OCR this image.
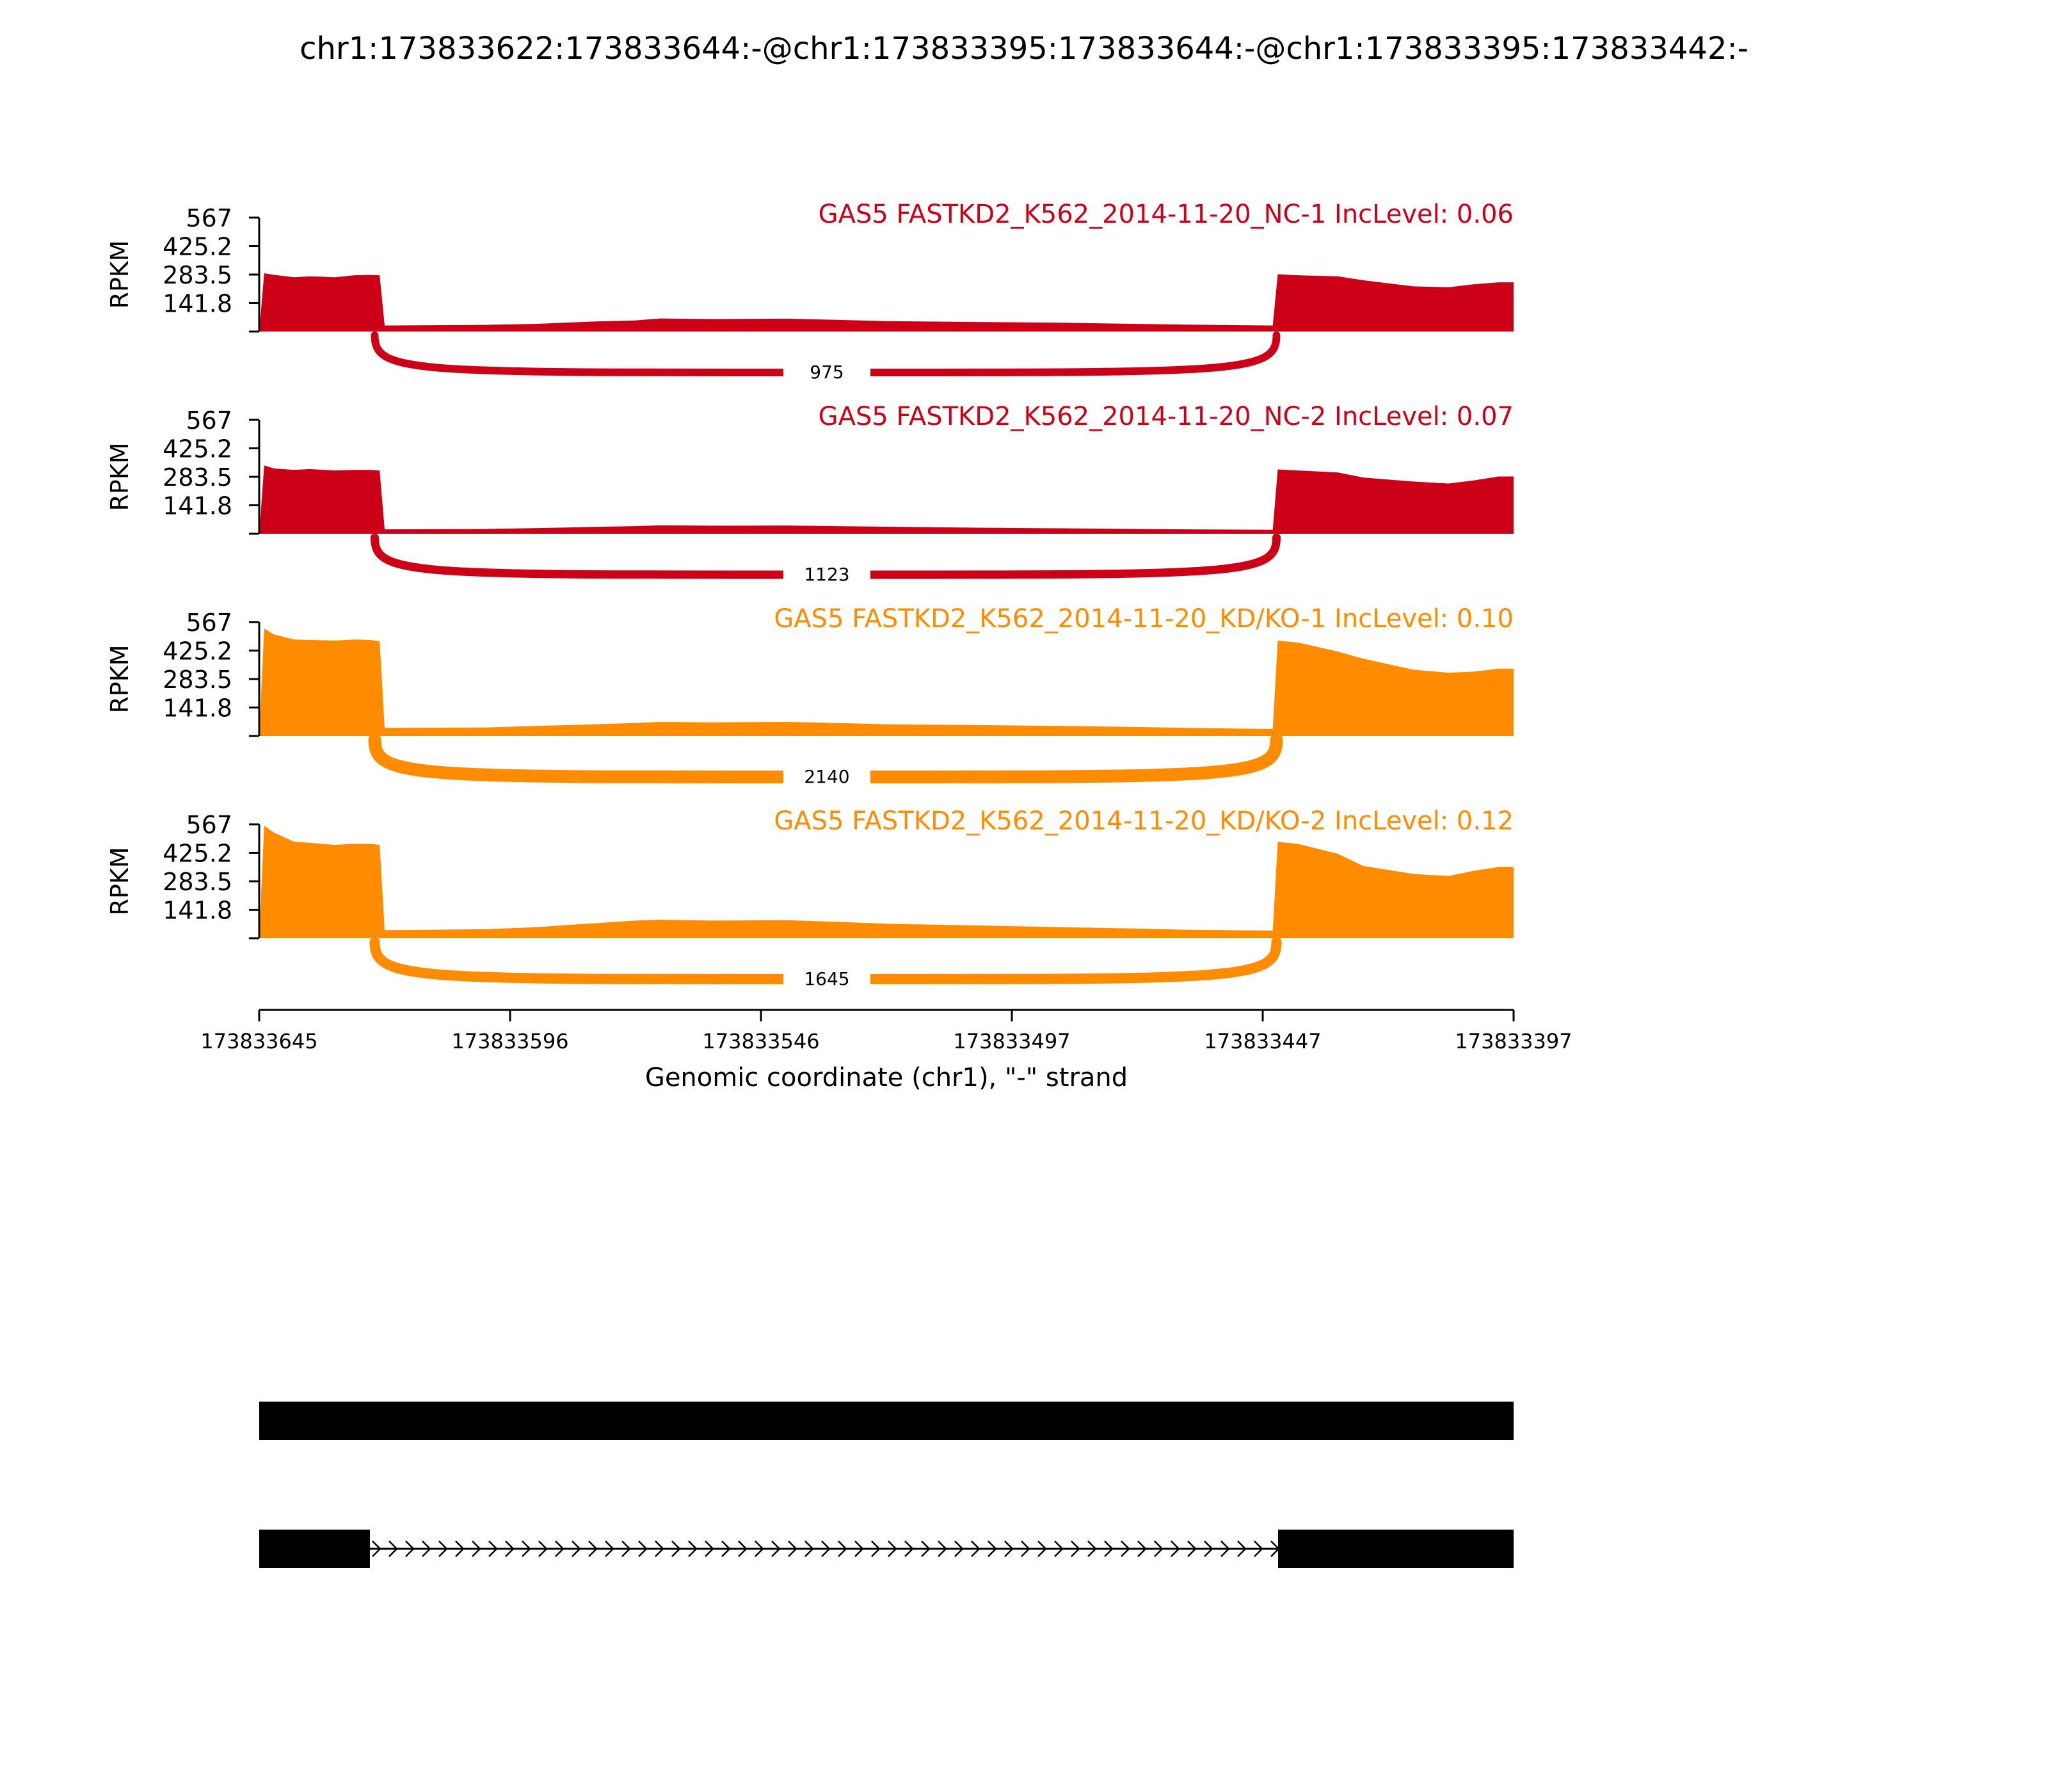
chr1:173833622:173833644:-@chr1:173833395:173833644:-@chr1:173833395:173833442:-
975
567
425.2
283.5
141.8
RPKM
GAS5 FASTKD2_K562_2014-11-20_NC-1 IncLevel: 0.06
1123
567
425.2
283.5
141.8
RPKM
GAS5 FASTKD2_K562_2014-11-20_NC-2 IncLevel: 0.07
2140
567
425.2
283.5
141.8
RPKM
GAS5 FASTKD2_K562_2014-11-20_KD/KO-1 IncLevel: 0.10
1645
567
425.2
283.5
141.8
RPKM
GAS5 FASTKD2_K562_2014-11-20_KD/KO-2 IncLevel: 0.12
173833645	173833596	173833546	173833497	173833447	173833397
Genomic coordinate (chr1), "-" strand
